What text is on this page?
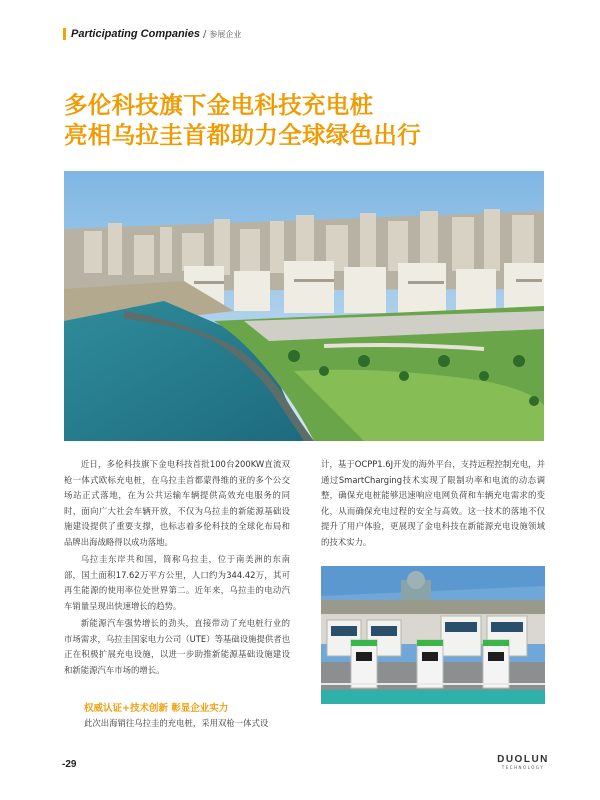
Participating Companies / 参展企业
多伦科技旗下金电科技充电桩
亮相乌拉圭首都助力全球绿色出行

近日，多伦科技旗下金电科技首批100台200KW直流双枪一体式欧标充电桩，在乌拉圭首都蒙得维的亚的多个公交场站正式落地，在为公共运输车辆提供高效充电服务的同时，面向广大社会车辆开放，不仅为乌拉圭的新能源基础设施建设提供了重要支撑，也标志着多伦科技的全球化布局和品牌出海战略得以成功落地。

乌拉圭东岸共和国，简称乌拉圭，位于南美洲的东南部，国土面积17.62万平方公里，人口约为344.42万，其可再生能源的使用率位处世界第二。近年来，乌拉圭的电动汽车销量呈现出快速增长的趋势。

新能源汽车强势增长的劲头，直接带动了充电桩行业的市场需求，乌拉圭国家电力公司（UTE）等基础设施提供者也正在积极扩展充电设施，以进一步助推新能源基础设施建设和新能源汽车市场的增长。

权威认证+技术创新 彰显企业实力
此次出海销往乌拉圭的充电桩，采用双枪一体式设

计，基于OCPP1.6J开发的海外平台，支持远程控制充电，并通过SmartCharging技术实现了限制功率和电流的动态调整，确保充电桩能够迅速响应电网负荷和车辆充电需求的变化，从而确保充电过程的安全与高效。这一技术的落地不仅提升了用户体验，更展现了金电科技在新能源充电设施领域的技术实力。

-29	DUOLUN
TECHNOLOGY
